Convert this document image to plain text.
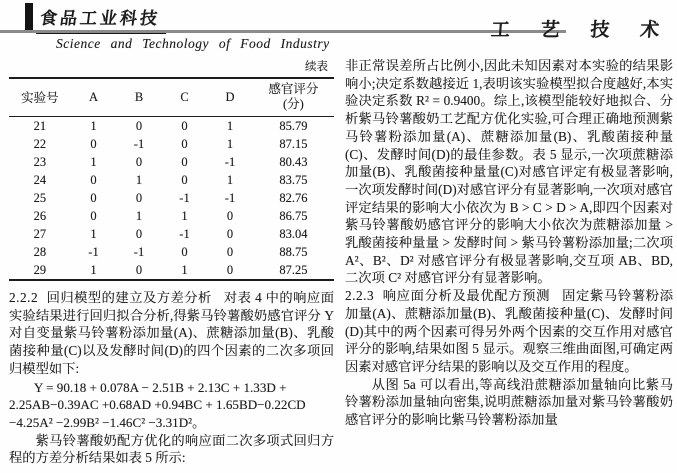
食品工业科技
工 艺 技 术
Science and Technology of Food Industry
续表
实验号	A	B	C	D	感官评分
(分)

21	1	0	0	1	85.79
22	0	-1	0	1	87.15
23	1	0	0	-1	80.43
24	0	1	0	1	83.75
25	0	0	-1	-1	82.76
26	0	1	1	0	86.75
27	1	0	-1	0	83.04
28	-1	-1	0	0	88.75
29	1	0	1	0	87.25

2.2.2 回归模型的建立及方差分析 对表 4 中的响应面实验结果进行回归拟合分析,得紫马铃薯酸奶感官评分 Y 对自变量紫马铃薯粉添加量(A)、蔗糖添加量(B)、乳酸菌接种量(C)以及发酵时间(D)的四个因素的二次多项回归模型如下:

Y = 90.18 + 0.078A − 2.51B + 2.13C + 1.33D +
2.25AB−0.39AC +0.68AD +0.94BC + 1.65BD−0.22CD
−4.25A² −2.99B² −1.46C² −3.31D²。

紫马铃薯酸奶配方优化的响应面二次多项式回归方程的方差分析结果如表 5 所示:

非正常误差所占比例小,因此未知因素对本实验的结果影响小;决定系数越接近 1,表明该实验模型拟合度越好,本实验决定系数 R² = 0.9400。综上,该模型能较好地拟合、分析紫马铃薯酸奶工艺配方优化实验,可合理正确地预测紫马铃薯粉添加量(A)、蔗糖添加量(B)、乳酸菌接种量(C)、发酵时间(D)的最佳参数。表 5 显示,一次项蔗糖添加量(B)、乳酸菌接种量量(C)对感官评定有极显著影响,一次项发酵时间(D)对感官评分有显著影响,一次项对感官评定结果的影响大小依次为 B > C > D > A,即四个因素对紫马铃薯酸奶感官评分的影响大小依次为蔗糖添加量 > 乳酸菌接种量量 > 发酵时间 > 紫马铃薯粉添加量;二次项 A²、B²、D² 对感官评分有极显著影响,交互项 AB、BD,二次项 C² 对感官评分有显著影响。

2.2.3 响应面分析及最优配方预测 固定紫马铃薯粉添加量(A)、蔗糖添加量(B)、乳酸菌接种量(C)、发酵时间(D)其中的两个因素可得另外两个因素的交互作用对感官评分的影响,结果如图 5 显示。观察三维曲面图,可确定两因素对感官评分结果的影响以及交互作用的程度。

从图 5a 可以看出,等高线沿蔗糖添加量轴向比紫马铃薯粉添加量轴向密集,说明蔗糖添加量对紫马铃薯酸奶感官评分的影响比紫马铃薯粉添加量
